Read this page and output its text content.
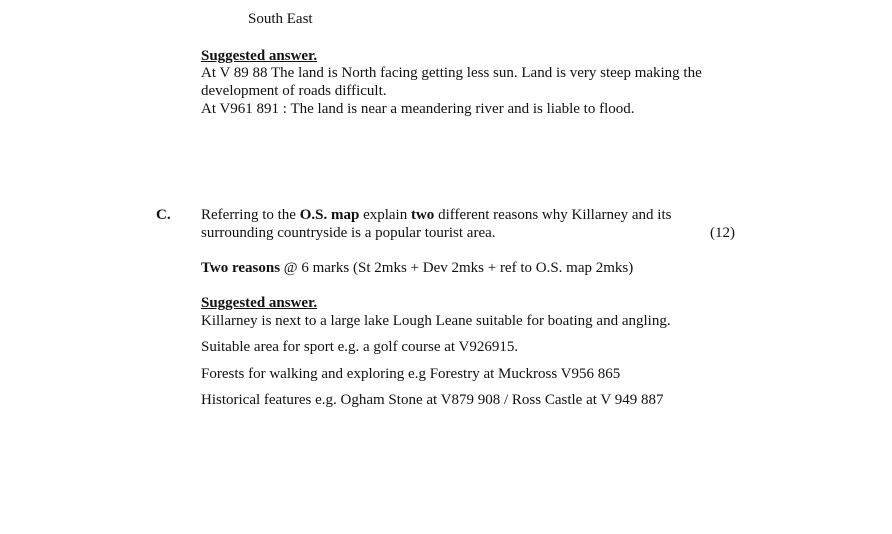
South East
Suggested answer.
At V 89 88 The land is North facing getting less sun. Land is very steep making the
development of roads difficult.
At V961 891 : The land is near a meandering river and is liable to flood.
C. Referring to the O.S. map explain two different reasons why Killarney and its
surrounding countryside is a popular tourist area.	(12)
Two reasons @ 6 marks (St 2mks + Dev 2mks + ref to O.S. map 2mks)
Suggested answer.
Killarney is next to a large lake Lough Leane suitable for boating and angling.
Suitable area for sport e.g. a golf course at V926915.
Forests for walking and exploring e.g Forestry at Muckross V956 865
Historical features e.g. Ogham Stone at V879 908 / Ross Castle at V 949 887
